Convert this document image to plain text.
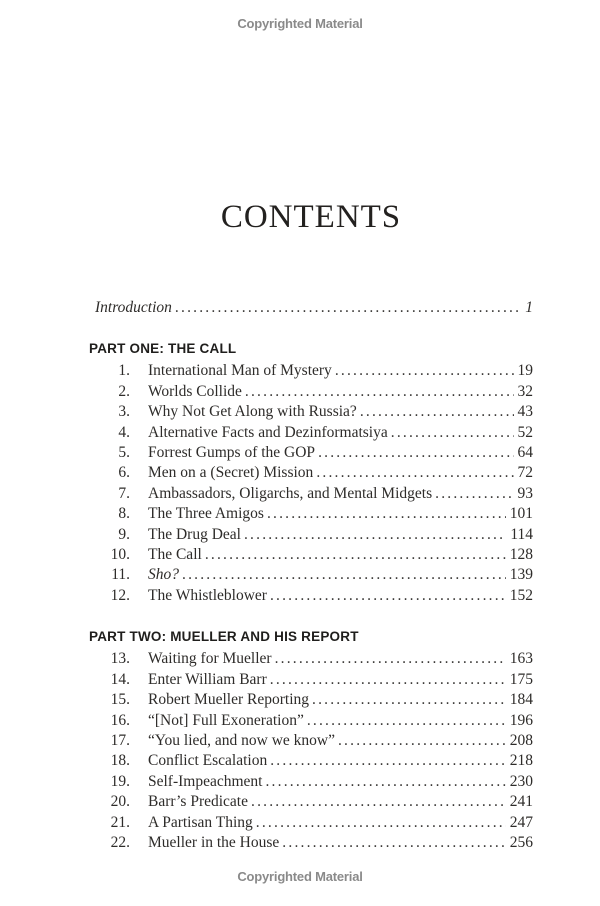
Copyrighted Material
CONTENTS
Introduction .....	1
PART ONE: THE CALL
1. International Man of Mystery .....	19
2. Worlds Collide .....	32
3. Why Not Get Along with Russia? .....	43
4. Alternative Facts and Dezinformatsiya .....	52
5. Forrest Gumps of the GOP .....	64
6. Men on a (Secret) Mission .....	72
7. Ambassadors, Oligarchs, and Mental Midgets .....	93
8. The Three Amigos .....	101
9. The Drug Deal .....	114
10. The Call .....	128
11. Sho? .....	139
12. The Whistleblower .....	152
PART TWO: MUELLER AND HIS REPORT
13. Waiting for Mueller .....	163
14. Enter William Barr .....	175
15. Robert Mueller Reporting .....	184
16. “[Not] Full Exoneration” .....	196
17. “You lied, and now we know” .....	208
18. Conflict Escalation .....	218
19. Self-Impeachment .....	230
20. Barr’s Predicate .....	241
21. A Partisan Thing .....	247
22. Mueller in the House .....	256
Copyrighted Material
